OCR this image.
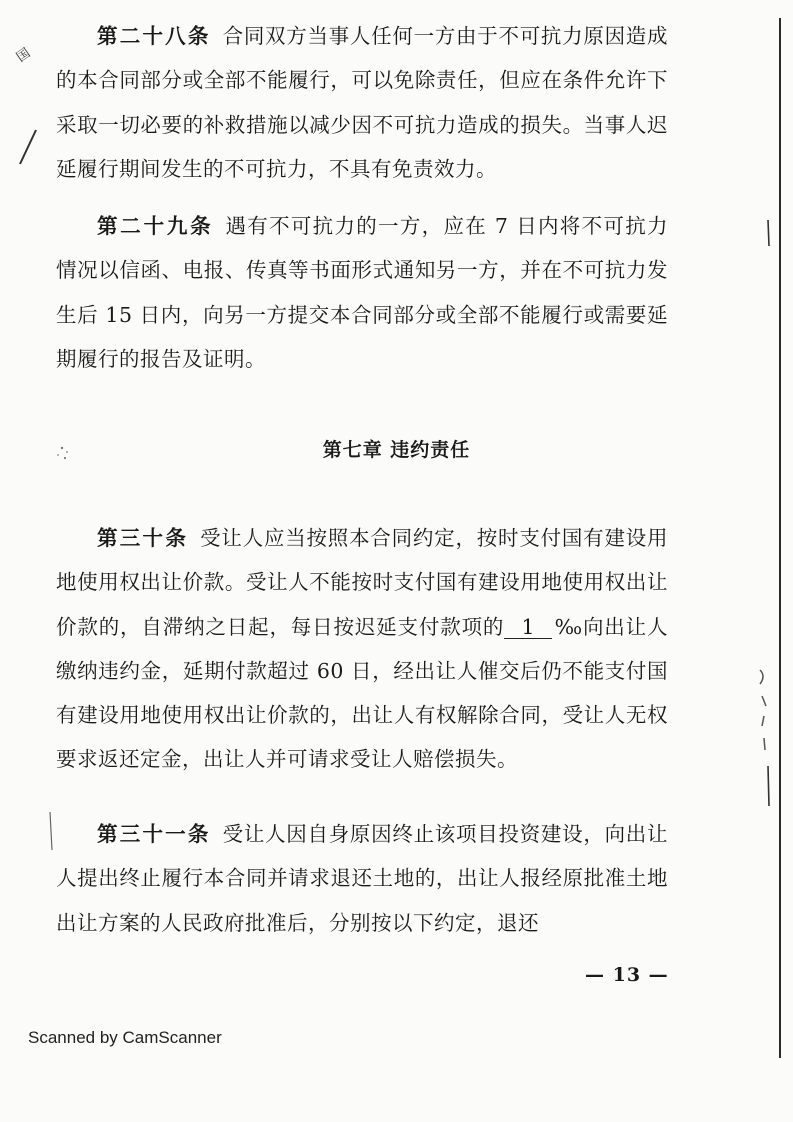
国

第二十八条 合同双方当事人任何一方由于不可抗力原因造成的本合同部分或全部不能履行，可以免除责任，但应在条件允许下采取一切必要的补救措施以减少因不可抗力造成的损失。当事人迟延履行期间发生的不可抗力，不具有免责效力。

第二十九条 遇有不可抗力的一方，应在 7 日内将不可抗力情况以信函、电报、传真等书面形式通知另一方，并在不可抗力发生后 15 日内，向另一方提交本合同部分或全部不能履行或需要延期履行的报告及证明。

第七章 违约责任

第三十条 受让人应当按照本合同约定，按时支付国有建设用地使用权出让价款。受让人不能按时支付国有建设用地使用权出让价款的，自滞纳之日起，每日按迟延支付款项的 1 ‰向出让人缴纳违约金，延期付款超过 60 日，经出让人催交后仍不能支付国有建设用地使用权出让价款的，出让人有权解除合同，受让人无权要求返还定金，出让人并可请求受让人赔偿损失。

第三十一条 受让人因自身原因终止该项目投资建设，向出让人提出终止履行本合同并请求退还土地的，出让人报经原批准土地出让方案的人民政府批准后，分别按以下约定，退还

— 13 —
Scanned by CamScanner
